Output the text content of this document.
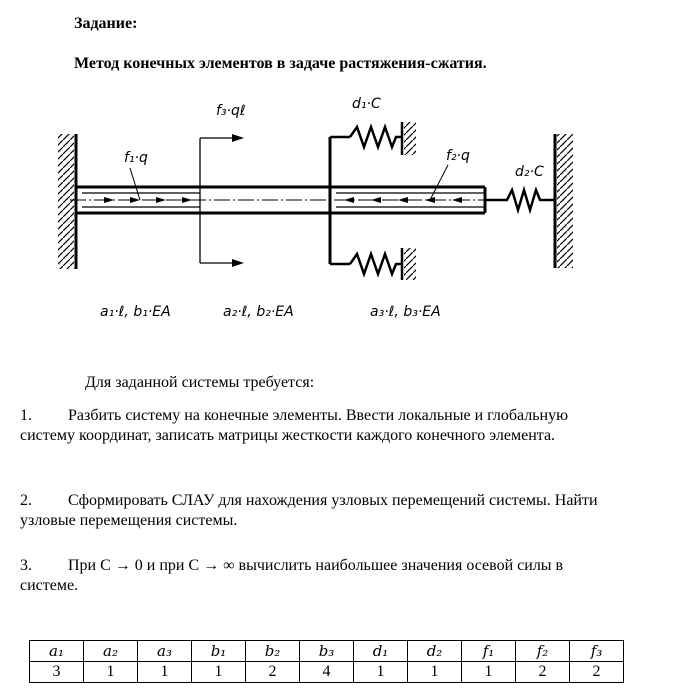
Задание:
Метод конечных элементов в задаче растяжения-сжатия.
f₃·qℓ	d₁·C
f₁·q	f₂·q
d₂·C
a₁·ℓ, b₁·EA	a₂·ℓ, b₂·EA	a₃·ℓ, b₃·EA
Для заданной системы требуется:
1. Разбить систему на конечные элементы. Ввести локальные и глобальную систему координат, записать матрицы жесткости каждого конечного элемента.
2. Сформировать СЛАУ для нахождения узловых перемещений системы. Найти узловые перемещения системы.
3. При C → 0 и при C → ∞ вычислить наибольшее значения осевой силы в системе.
a₁	a₂	a₃	b₁	b₂	b₃	d₁	d₂	f₁	f₂	f₃
3	1	1	1	2	4	1	1	1	2	2
